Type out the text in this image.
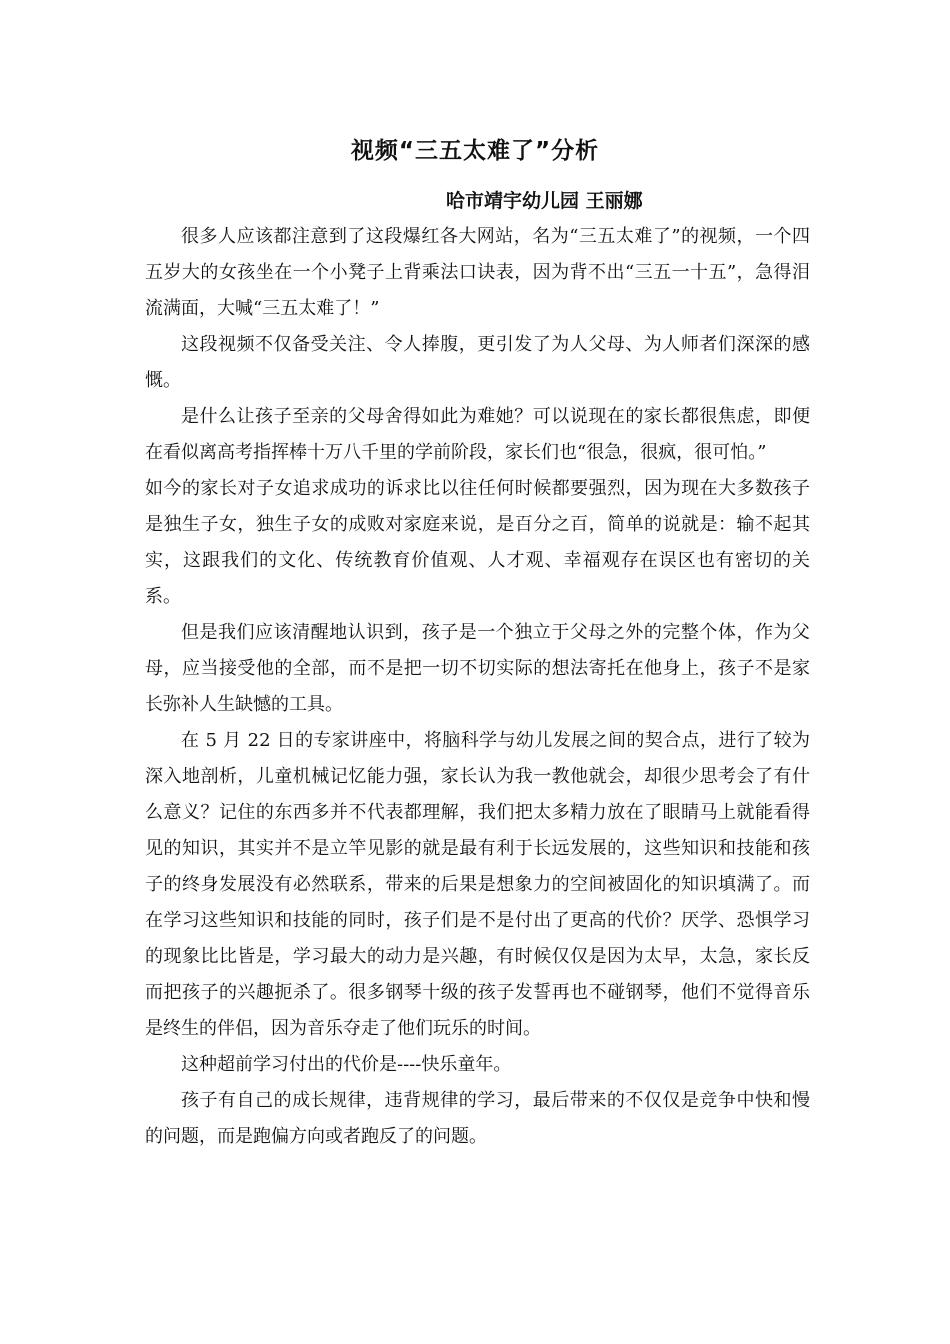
视频“三五太难了”分析
哈市靖宇幼儿园 王丽娜

很多人应该都注意到了这段爆红各大网站，名为“三五太难了”的视频，一个四五岁大的女孩坐在一个小凳子上背乘法口诀表，因为背不出“三五一十五”，急得泪流满面，大喊“三五太难了！”

这段视频不仅备受关注、令人捧腹，更引发了为人父母、为人师者们深深的感慨。

是什么让孩子至亲的父母舍得如此为难她？可以说现在的家长都很焦虑，即便在看似离高考指挥棒十万八千里的学前阶段，家长们也“很急，很疯，很可怕。”

如今的家长对子女追求成功的诉求比以往任何时候都要强烈，因为现在大多数孩子是独生子女，独生子女的成败对家庭来说，是百分之百，简单的说就是：输不起其实，这跟我们的文化、传统教育价值观、人才观、幸福观存在误区也有密切的关系。

但是我们应该清醒地认识到，孩子是一个独立于父母之外的完整个体，作为父母，应当接受他的全部，而不是把一切不切实际的想法寄托在他身上，孩子不是家长弥补人生缺憾的工具。

在 5 月 22 日的专家讲座中，将脑科学与幼儿发展之间的契合点，进行了较为深入地剖析，儿童机械记忆能力强，家长认为我一教他就会，却很少思考会了有什么意义？记住的东西多并不代表都理解，我们把太多精力放在了眼睛马上就能看得见的知识，其实并不是立竿见影的就是最有利于长远发展的，这些知识和技能和孩子的终身发展没有必然联系，带来的后果是想象力的空间被固化的知识填满了。而在学习这些知识和技能的同时，孩子们是不是付出了更高的代价？厌学、恐惧学习的现象比比皆是，学习最大的动力是兴趣，有时候仅仅是因为太早，太急，家长反而把孩子的兴趣扼杀了。很多钢琴十级的孩子发誓再也不碰钢琴，他们不觉得音乐是终生的伴侣，因为音乐夺走了他们玩乐的时间。

这种超前学习付出的代价是----快乐童年。

孩子有自己的成长规律，违背规律的学习，最后带来的不仅仅是竞争中快和慢的问题，而是跑偏方向或者跑反了的问题。
